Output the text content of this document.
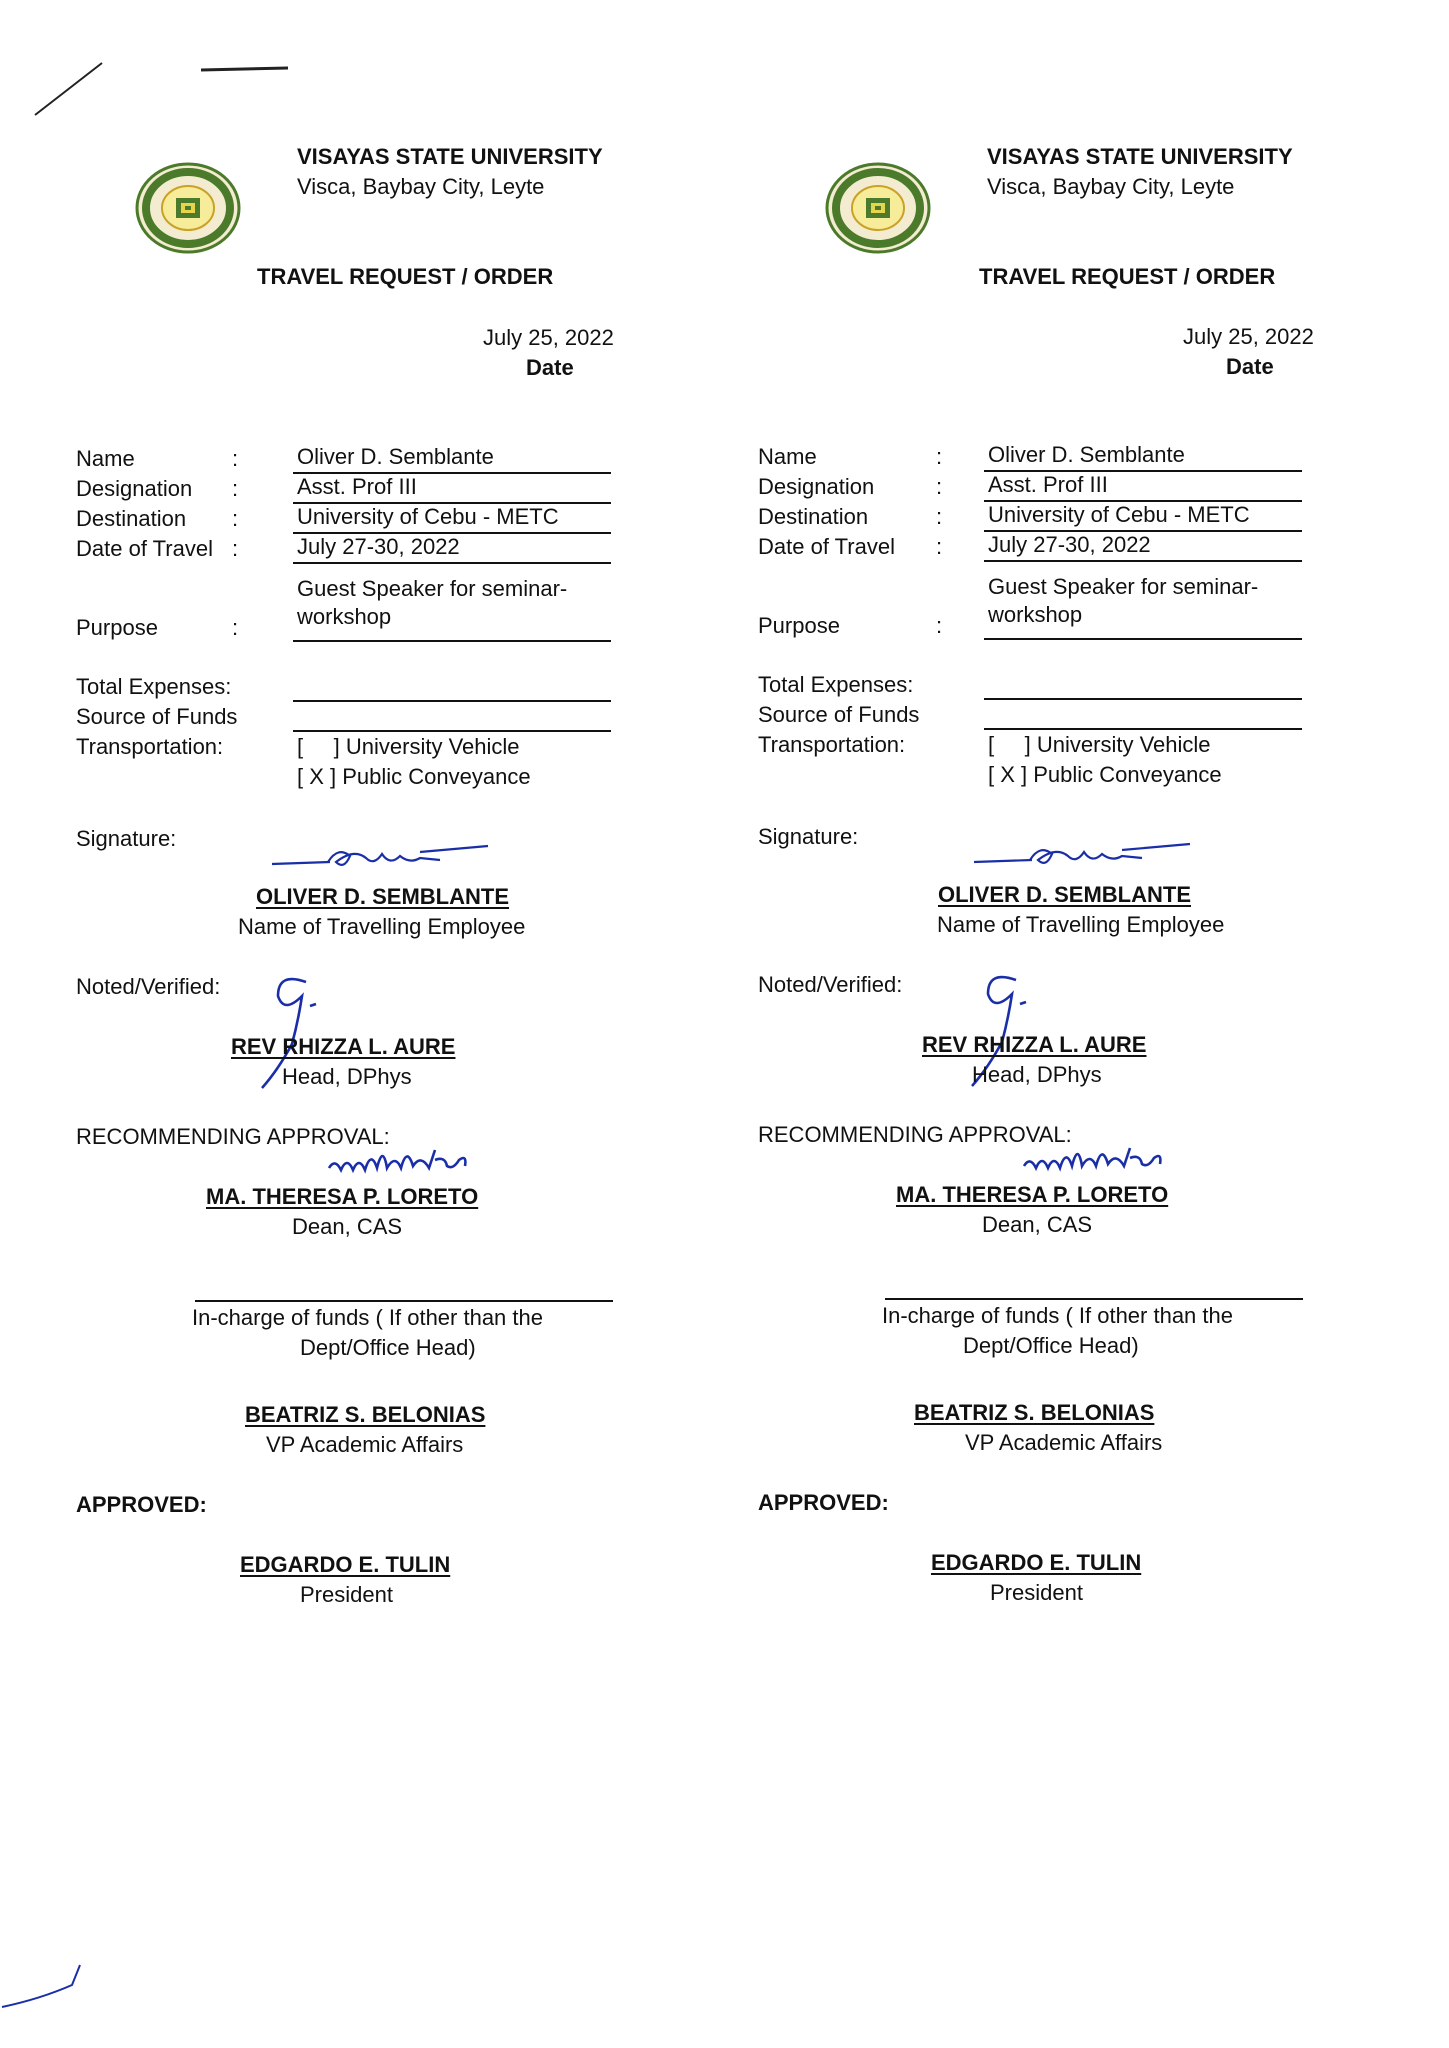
VISAYAS STATE UNIVERSITY
Visca, Baybay City, Leyte
TRAVEL REQUEST / ORDER
July 25, 2022
Date
Name	:	Oliver D. Semblante
Designation :	Asst. Prof III
Destination :	University of Cebu - METC
Date of Travel :	July 27-30, 2022
Guest Speaker for seminar-
workshop
Purpose	:
Total Expenses:
Source of Funds
Transportation:	[     ] University Vehicle
[ X ] Public Conveyance
Signature:
OLIVER D. SEMBLANTE
Name of Travelling Employee
Noted/Verified:
REV RHIZZA L. AURE
Head, DPhys
RECOMMENDING APPROVAL:
MA. THERESA P. LORETO
Dean, CAS
In-charge of funds ( If other than the
Dept/Office Head)
BEATRIZ S. BELONIAS
VP Academic Affairs
APPROVED:
EDGARDO E. TULIN
President
VISAYAS STATE UNIVERSITY
Visca, Baybay City, Leyte
TRAVEL REQUEST / ORDER
July 25, 2022
Date
Name	: Oliver D. Semblante
Designation	: Asst. Prof III
Destination	: University of Cebu - METC
Date of Travel : July 27-30, 2022
Guest Speaker for seminar-
workshop
Purpose	:
Total Expenses:
Source of Funds
Transportation:	[     ] University Vehicle
[ X ] Public Conveyance
Signature:
OLIVER D. SEMBLANTE
Name of Travelling Employee
Noted/Verified:
REV RHIZZA L. AURE
Head, DPhys
RECOMMENDING APPROVAL:
MA. THERESA P. LORETO
Dean, CAS
In-charge of funds ( If other than the
Dept/Office Head)
BEATRIZ S. BELONIAS
VP Academic Affairs
APPROVED:
EDGARDO E. TULIN
President
